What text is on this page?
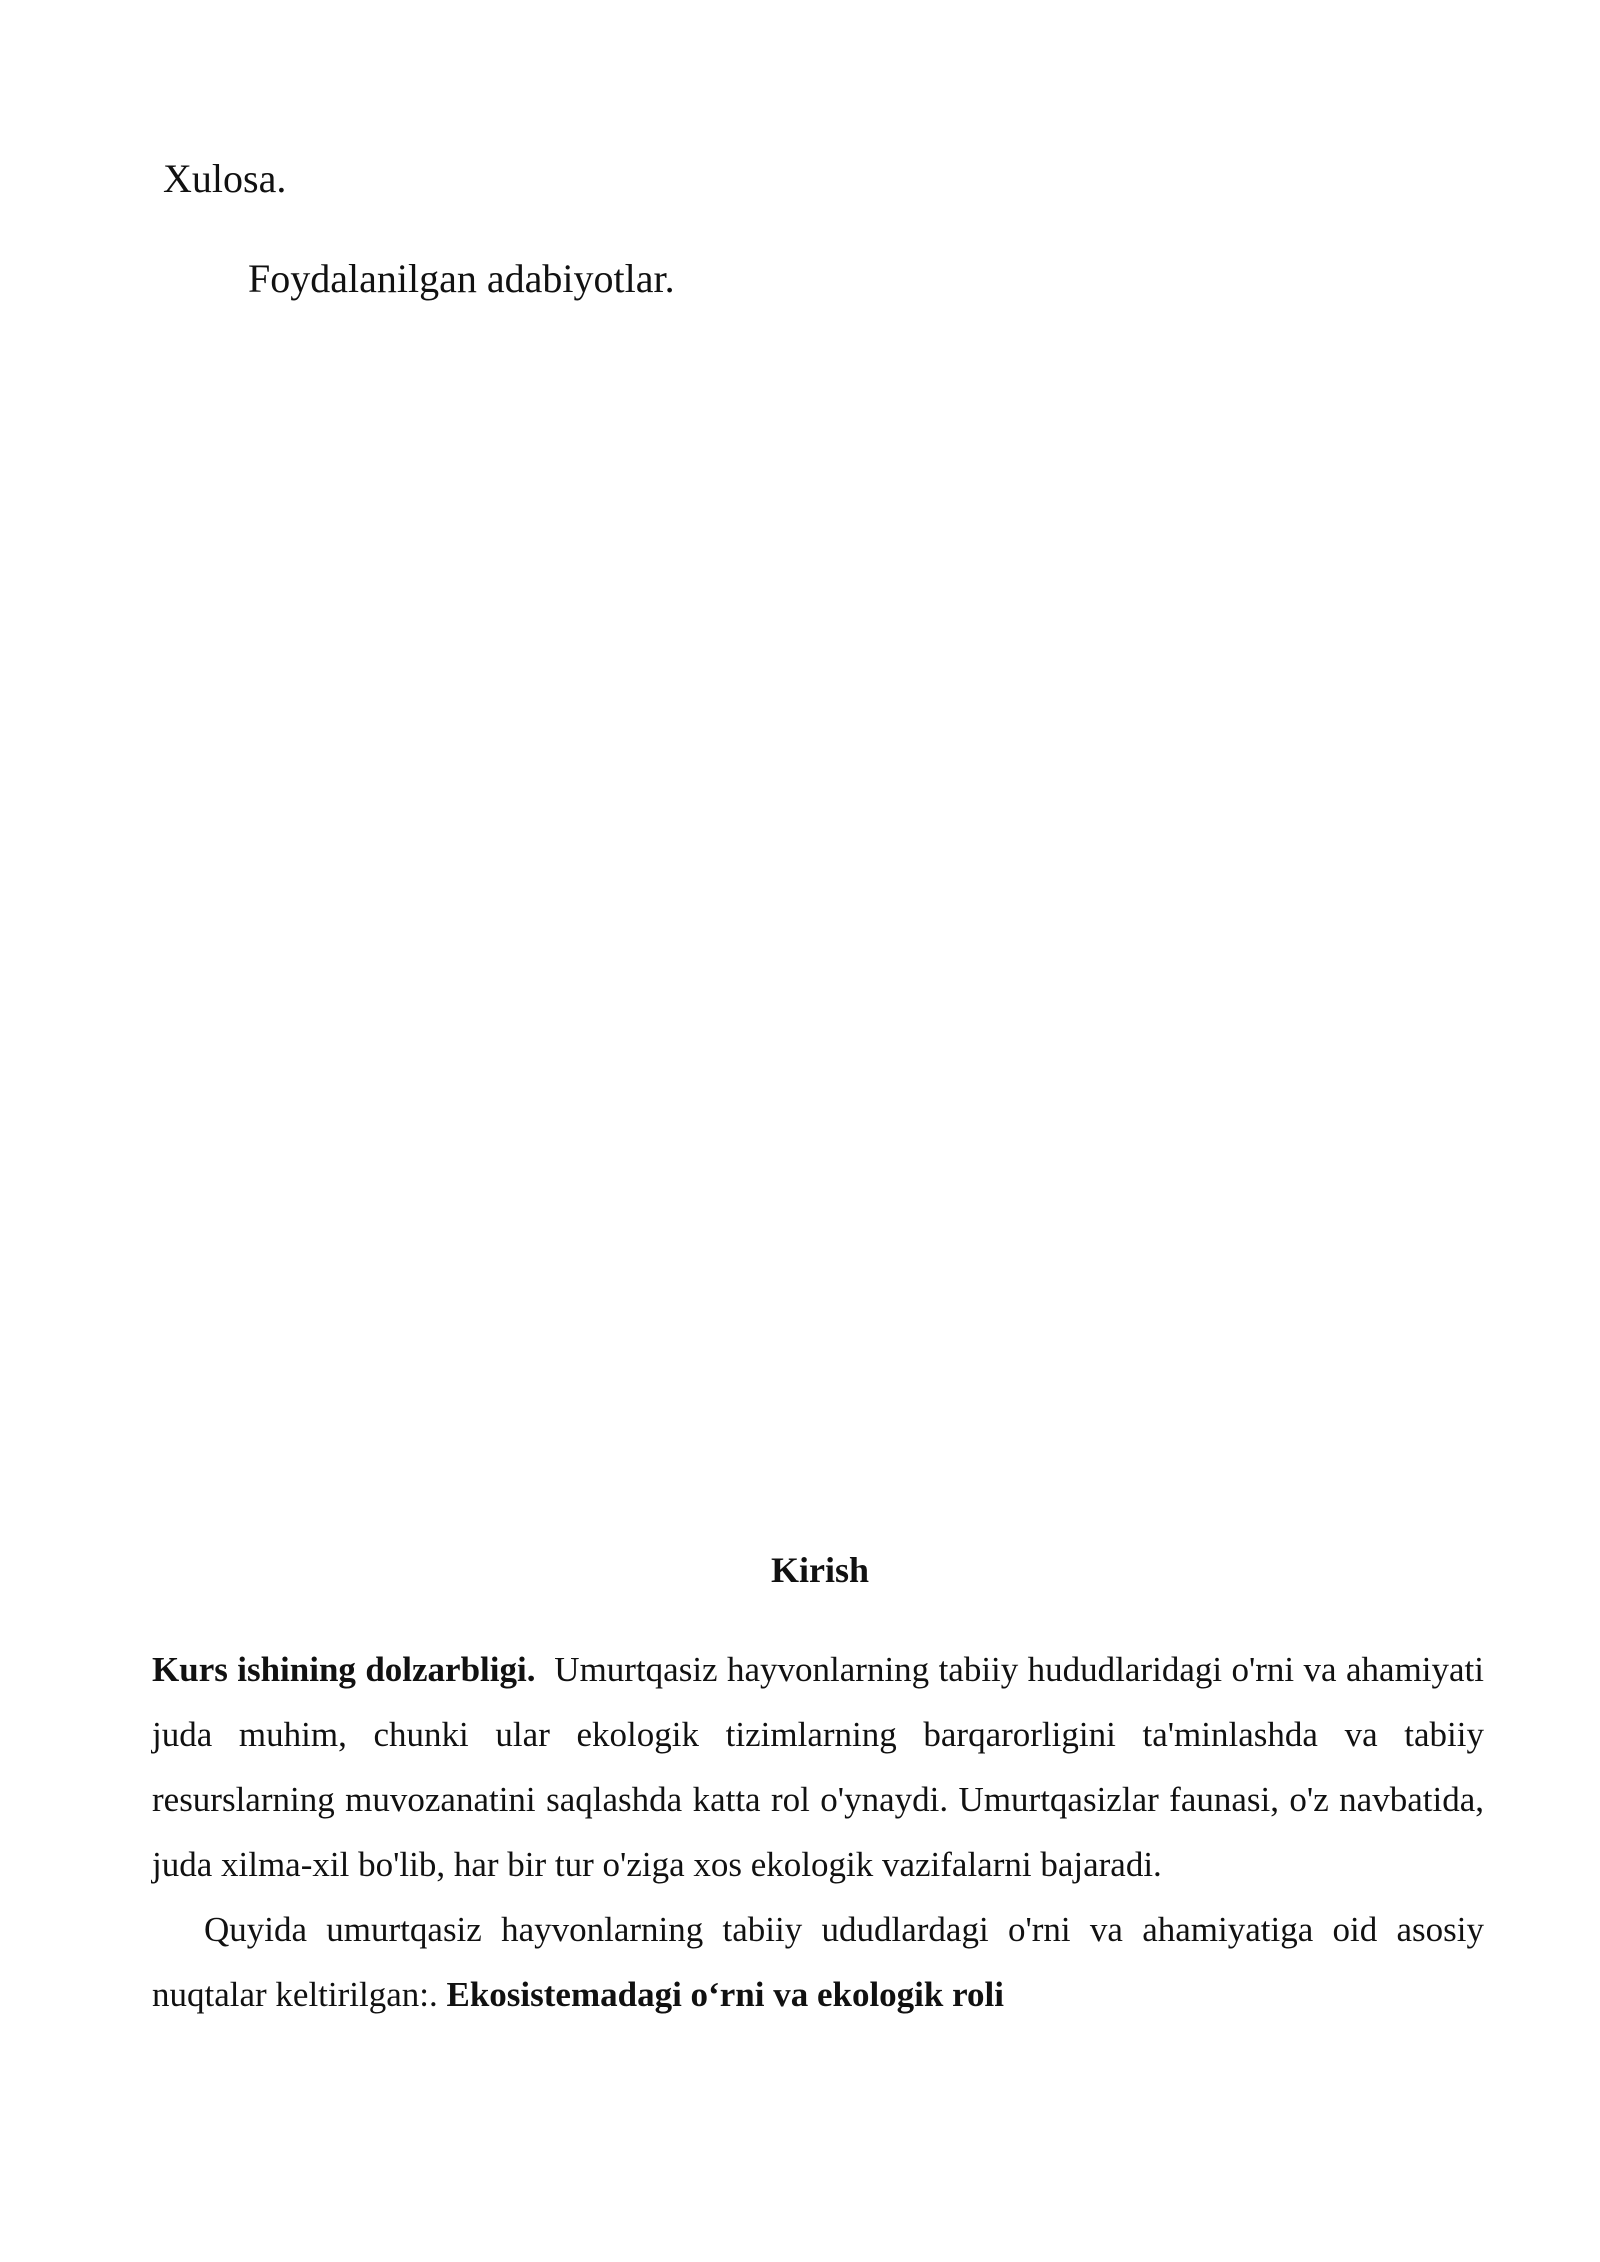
Xulosa.
Foydalanilgan adabiyotlar.
Kirish

Kurs ishining dolzarbligi. Umurtqasiz hayvonlarning tabiiy hududlaridagi o'rni va ahamiyati juda muhim, chunki ular ekologik tizimlarning barqarorligini ta'minlashda va tabiiy resurslarning muvozanatini saqlashda katta rol o'ynaydi. Umurtqasizlar faunasi, o'z navbatida, juda xilma-xil bo'lib, har bir tur o'ziga xos ekologik vazifalarni bajaradi.

Quyida umurtqasiz hayvonlarning tabiiy ududlardagi o'rni va ahamiyatiga oid asosiy nuqtalar keltirilgan:. Ekosistemadagi o‘rni va ekologik roli
